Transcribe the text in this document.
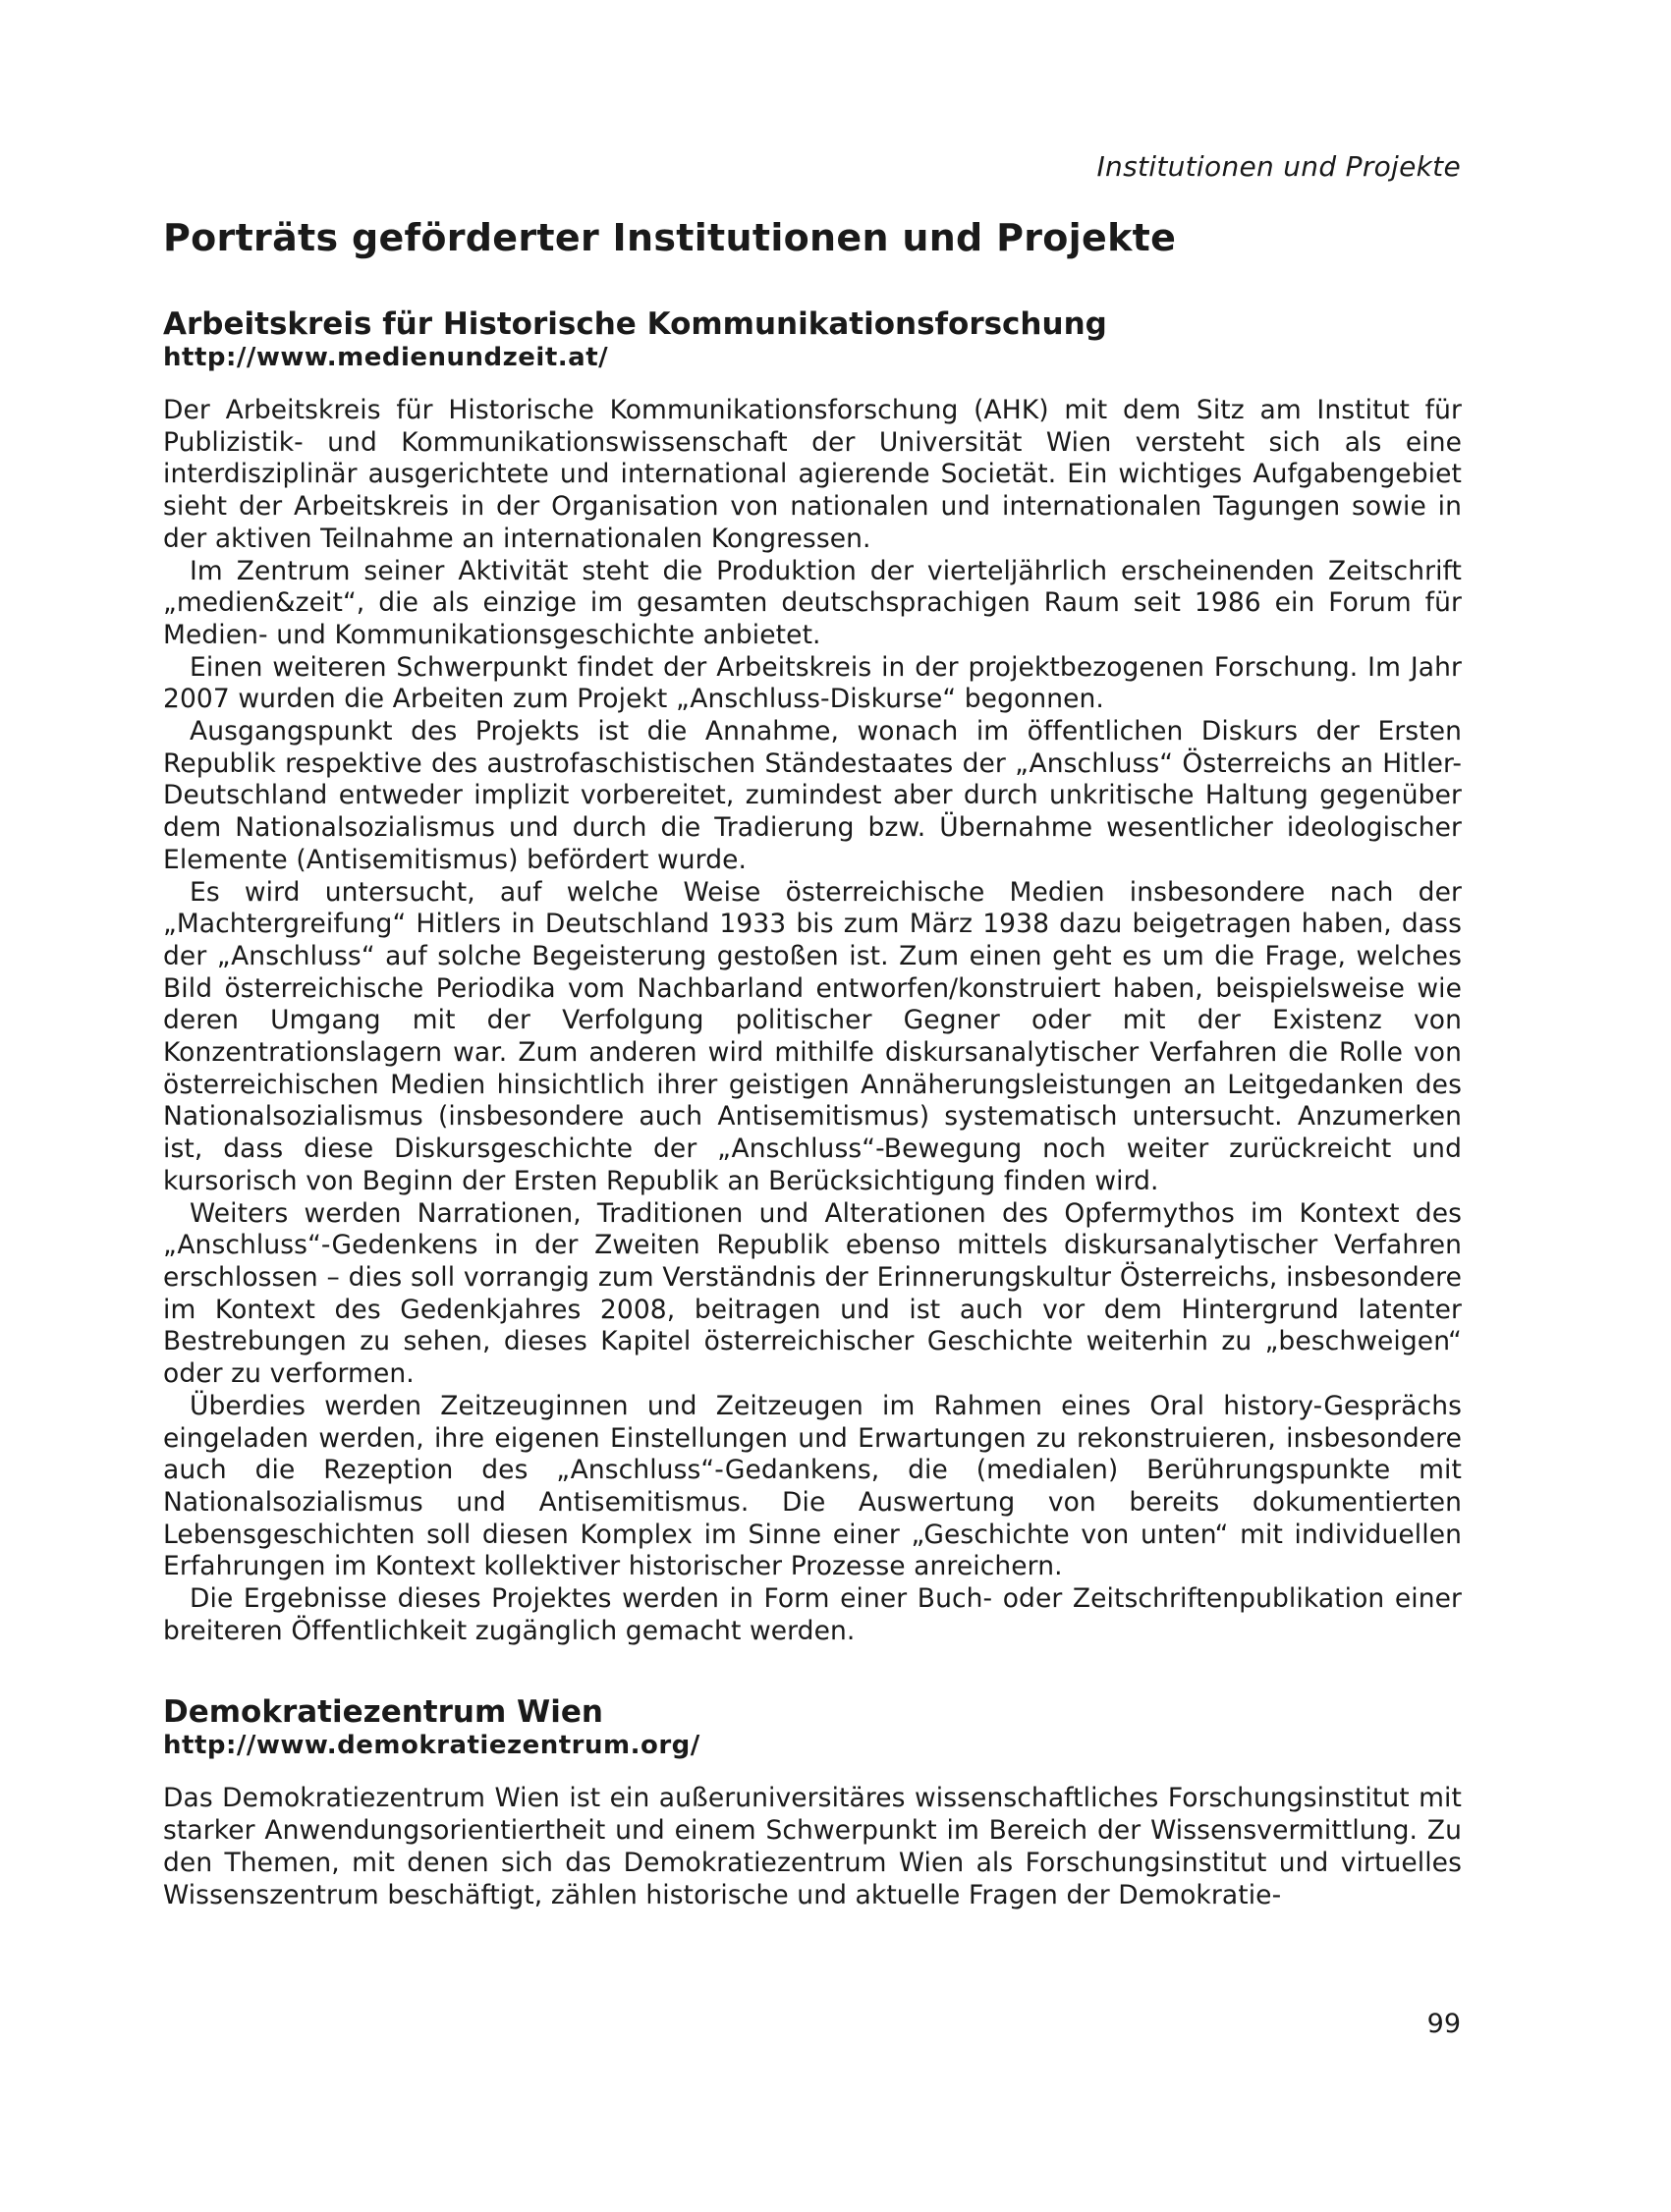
Institutionen und Projekte
Porträts geförderter Institutionen und Projekte
Arbeitskreis für Historische Kommunikationsforschung
http://www.medienundzeit.at/

Der Arbeitskreis für Historische Kommunikationsforschung (AHK) mit dem Sitz am Institut für Publizistik- und Kommunikationswissenschaft der Universität Wien versteht sich als eine interdisziplinär ausgerichtete und international agierende Societät. Ein wichtiges Aufgabengebiet sieht der Arbeitskreis in der Organisation von nationalen und internationalen Tagungen sowie in der aktiven Teilnahme an internationalen Kongressen.

Im Zentrum seiner Aktivität steht die Produktion der vierteljährlich erscheinenden Zeitschrift „medien&zeit“, die als einzige im gesamten deutschsprachigen Raum seit 1986 ein Forum für Medien- und Kommunikationsgeschichte anbietet.

Einen weiteren Schwerpunkt findet der Arbeitskreis in der projektbezogenen Forschung. Im Jahr 2007 wurden die Arbeiten zum Projekt „Anschluss-Diskurse“ begonnen.

Ausgangspunkt des Projekts ist die Annahme, wonach im öffentlichen Diskurs der Ersten Republik respektive des austrofaschistischen Ständestaates der „Anschluss“ Österreichs an Hitler-Deutschland entweder implizit vorbereitet, zumindest aber durch unkritische Haltung gegenüber dem Nationalsozialismus und durch die Tradierung bzw. Übernahme wesentlicher ideologischer Elemente (Antisemitismus) befördert wurde.

Es wird untersucht, auf welche Weise österreichische Medien insbesondere nach der „Machtergreifung“ Hitlers in Deutschland 1933 bis zum März 1938 dazu beigetragen haben, dass der „Anschluss“ auf solche Begeisterung gestoßen ist. Zum einen geht es um die Frage, welches Bild österreichische Periodika vom Nachbarland entworfen/konstruiert haben, beispielsweise wie deren Umgang mit der Verfolgung politischer Gegner oder mit der Existenz von Konzentrationslagern war. Zum anderen wird mithilfe diskursanalytischer Verfahren die Rolle von österreichischen Medien hinsichtlich ihrer geistigen Annäherungsleistungen an Leitgedanken des Nationalsozialismus (insbesondere auch Antisemitismus) systematisch untersucht. Anzumerken ist, dass diese Diskursgeschichte der „Anschluss“-Bewegung noch weiter zurückreicht und kursorisch von Beginn der Ersten Republik an Berücksichtigung finden wird.

Weiters werden Narrationen, Traditionen und Alterationen des Opfermythos im Kontext des „Anschluss“-Gedenkens in der Zweiten Republik ebenso mittels diskursanalytischer Verfahren erschlossen – dies soll vorrangig zum Verständnis der Erinnerungskultur Österreichs, insbesondere im Kontext des Gedenkjahres 2008, beitragen und ist auch vor dem Hintergrund latenter Bestrebungen zu sehen, dieses Kapitel österreichischer Geschichte weiterhin zu „beschweigen“ oder zu verformen.

Überdies werden Zeitzeuginnen und Zeitzeugen im Rahmen eines Oral history-Gesprächs eingeladen werden, ihre eigenen Einstellungen und Erwartungen zu rekonstruieren, insbesondere auch die Rezeption des „Anschluss“-Gedankens, die (medialen) Berührungspunkte mit Nationalsozialismus und Antisemitismus. Die Auswertung von bereits dokumentierten Lebensgeschichten soll diesen Komplex im Sinne einer „Geschichte von unten“ mit individuellen Erfahrungen im Kontext kollektiver historischer Prozesse anreichern.

Die Ergebnisse dieses Projektes werden in Form einer Buch- oder Zeitschriftenpublikation einer breiteren Öffentlichkeit zugänglich gemacht werden.

Demokratiezentrum Wien
http://www.demokratiezentrum.org/

Das Demokratiezentrum Wien ist ein außeruniversitäres wissenschaftliches Forschungsinstitut mit starker Anwendungsorientiertheit und einem Schwerpunkt im Bereich der Wissensvermittlung. Zu den Themen, mit denen sich das Demokratiezentrum Wien als Forschungsinstitut und virtuelles Wissenszentrum beschäftigt, zählen historische und aktuelle Fragen der Demokratie-

99
